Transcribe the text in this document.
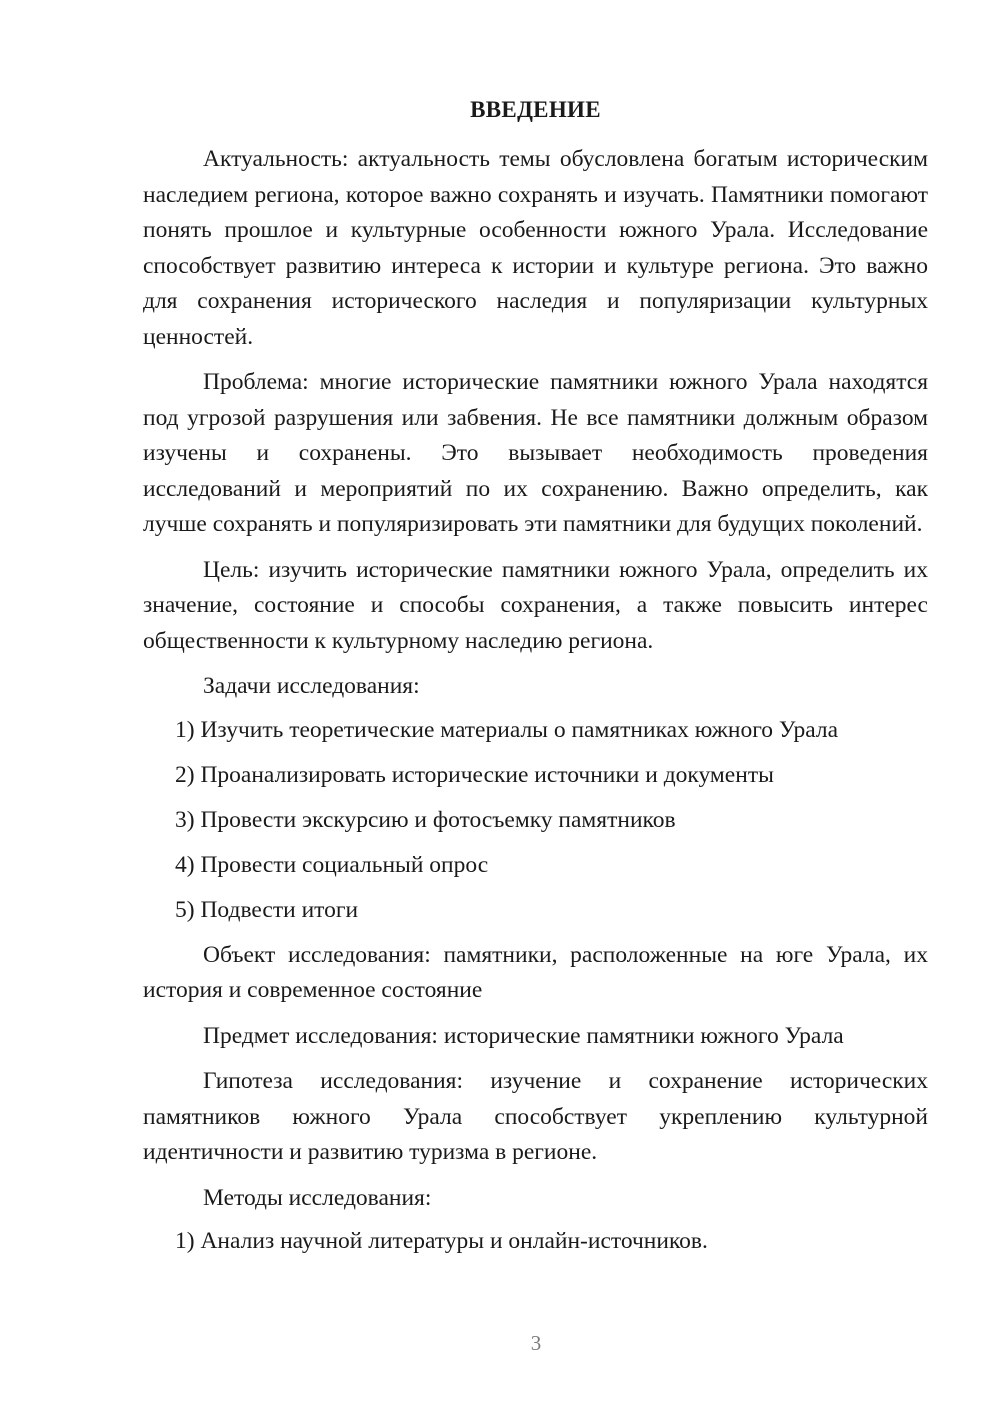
ВВЕДЕНИЕ

Актуальность: актуальность темы обусловлена богатым историческим наследием региона, которое важно сохранять и изучать. Памятники помогают понять прошлое и культурные особенности южного Урала. Исследование способствует развитию интереса к истории и культуре региона. Это важно для сохранения исторического наследия и популяризации культурных ценностей.

Проблема: многие исторические памятники южного Урала находятся под угрозой разрушения или забвения. Не все памятники должным образом изучены и сохранены. Это вызывает необходимость проведения исследований и мероприятий по их сохранению. Важно определить, как лучше сохранять и популяризировать эти памятники для будущих поколений.

Цель: изучить исторические памятники южного Урала, определить их значение, состояние и способы сохранения, а также повысить интерес общественности к культурному наследию региона.

Задачи исследования:

1) Изучить теоретические материалы о памятниках южного Урала

2) Проанализировать исторические источники и документы

3) Провести экскурсию и фотосъемку памятников

4) Провести социальный опрос

5) Подвести итоги

Объект исследования: памятники, расположенные на юге Урала, их история и современное состояние

Предмет исследования: исторические памятники южного Урала

Гипотеза исследования: изучение и сохранение исторических памятников южного Урала способствует укреплению культурной идентичности и развитию туризма в регионе.

Методы исследования:

1) Анализ научной литературы и онлайн-источников.

3
